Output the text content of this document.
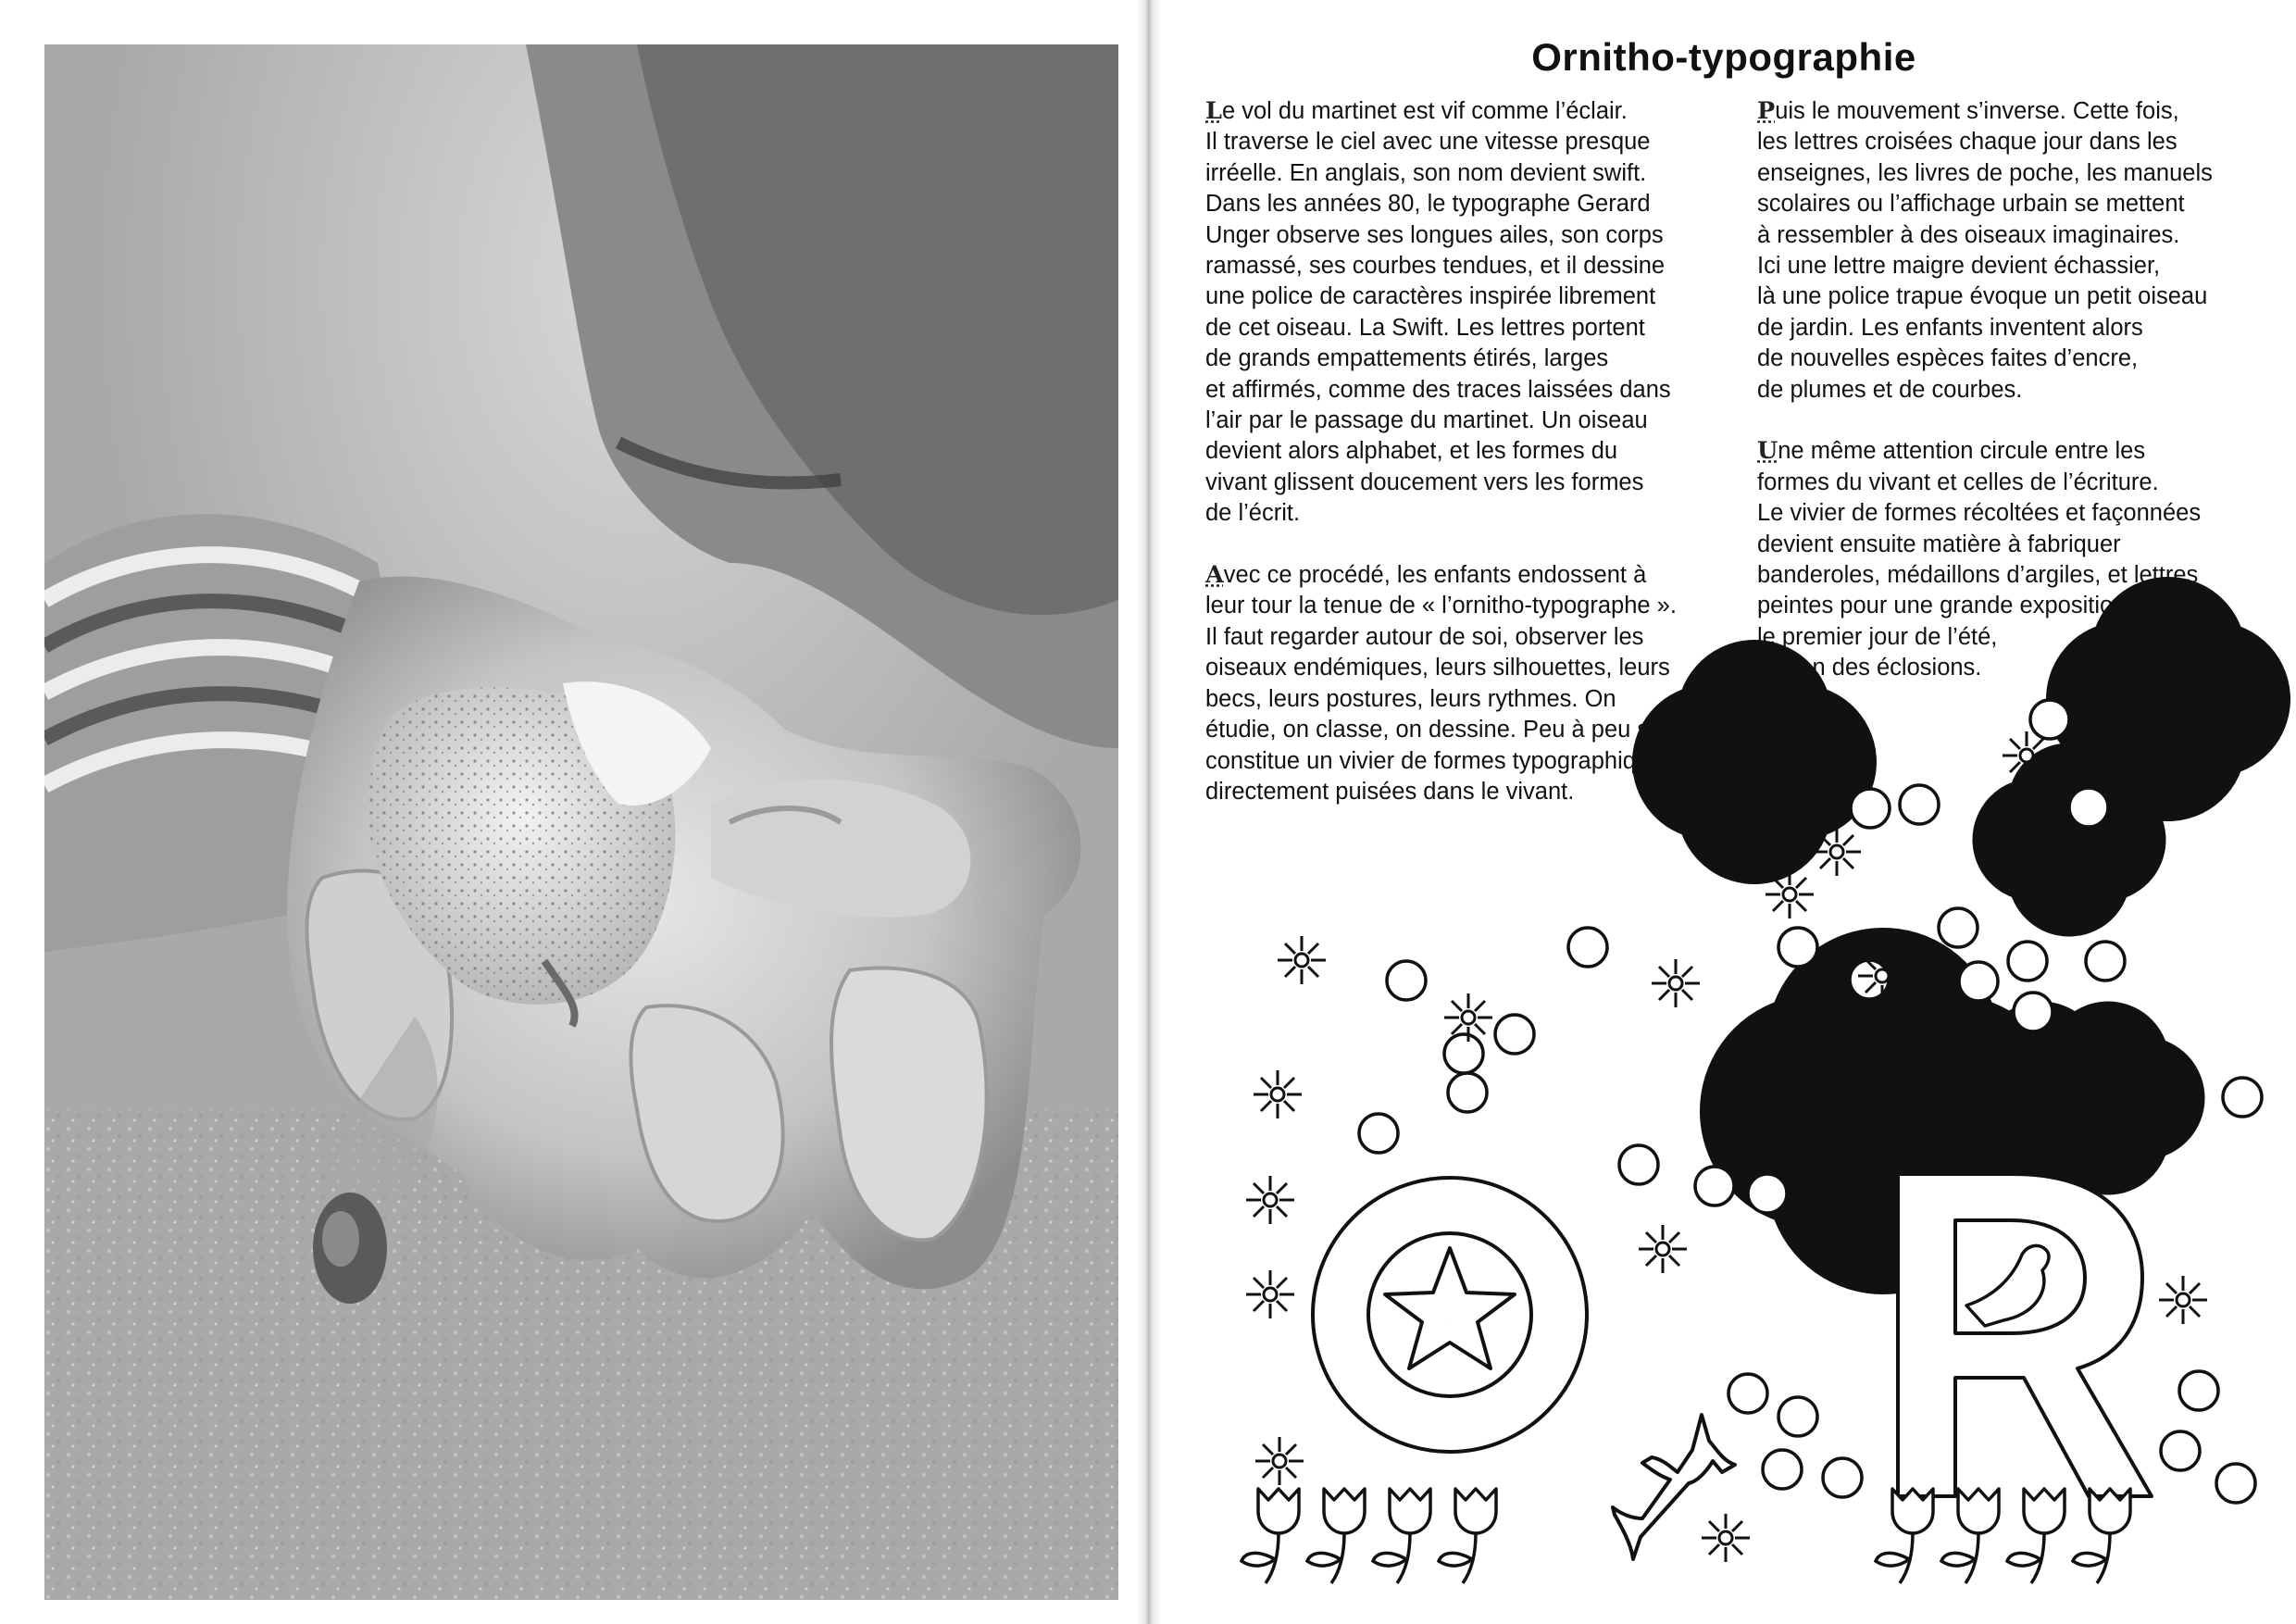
Ornitho-typographie

Le vol du martinet est vif comme l’éclair.
Il traverse le ciel avec une vitesse presque
irréelle. En anglais, son nom devient swift.
Dans les années 80, le typographe Gerard
Unger observe ses longues ailes, son corps
ramassé, ses courbes tendues, et il dessine
une police de caractères inspirée librement
de cet oiseau. La Swift. Les lettres portent
de grands empattements étirés, larges
et affirmés, comme des traces laissées dans
l’air par le passage du martinet. Un oiseau
devient alors alphabet, et les formes du
vivant glissent doucement vers les formes
de l’écrit.

Avec ce procédé, les enfants endossent à
leur tour la tenue de « l’ornitho-typographe ».
Il faut regarder autour de soi, observer les
oiseaux endémiques, leurs silhouettes, leurs
becs, leurs postures, leurs rythmes. On
étudie, on classe, on dessine. Peu à peu
constitue un vivier de formes typographiques
directement puisées dans le vivant.

Puis le mouvement s’inverse. Cette fois,
les lettres croisées chaque jour dans les
enseignes, les livres de poche, les manuels
scolaires ou l’affichage urbain se mettent
à ressembler à des oiseaux imaginaires.
Ici une lettre maigre devient échassier,
là une police trapue évoque un petit oiseau
de jardin. Les enfants inventent alors
de nouvelles espèces faites d’encre,
de plumes et de courbes.

Une même attention circule entre les
formes du vivant et celles de l’écriture.
Le vivier de formes récoltées et façonnées
devient ensuite matière à fabriquer
banderoles, médaillons d’argiles, et lettres
peintes pour une grande exposition
le premier jour de l’été,
des éclosions.

O
R
